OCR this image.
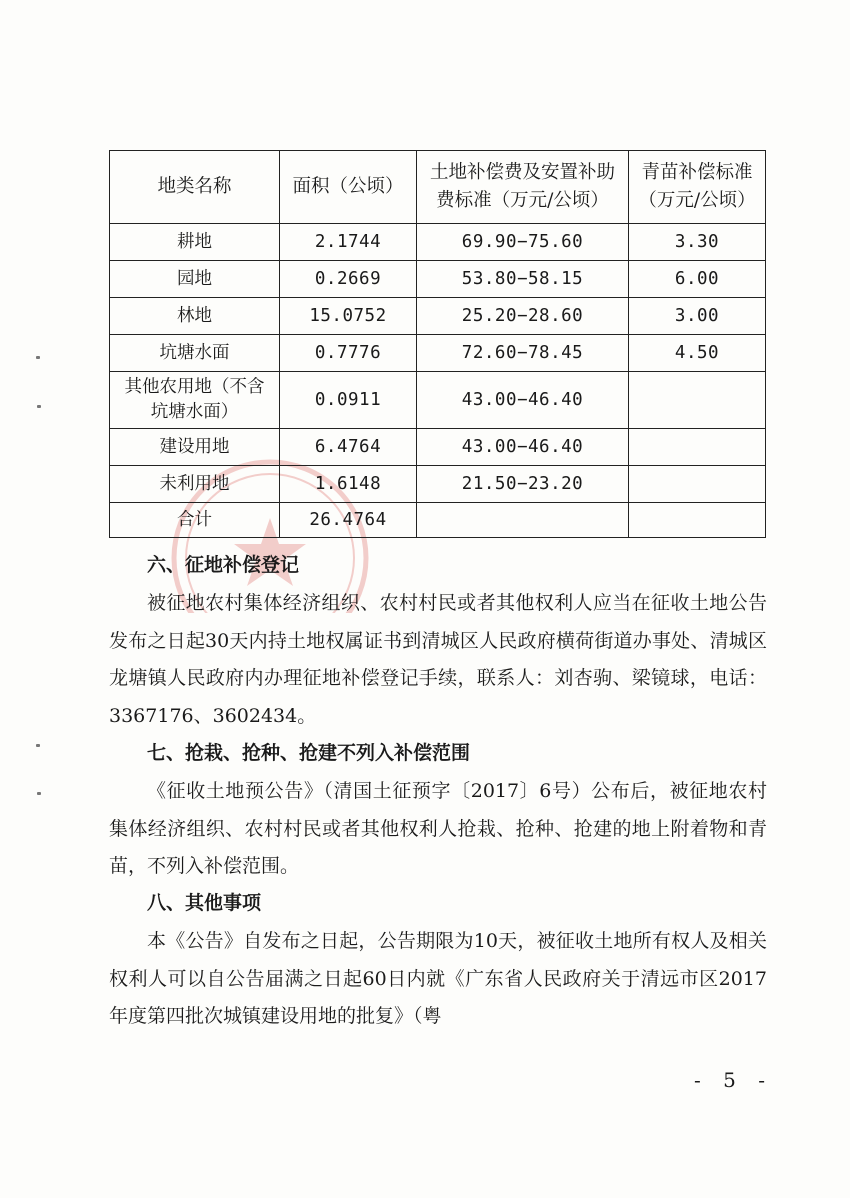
地类名称	面积（公顷）	土地补偿费及安置补助费标准（万元/公顷）	青苗补偿标准（万元/公顷）
耕地	2.1744	69.90−75.60	3.30
园地	0.2669	53.80−58.15	6.00
林地	15.0752	25.20−28.60	3.00
坑塘水面	0.7776	72.60−78.45	4.50
其他农用地（不含坑塘水面）	0.0911	43.00−46.40	
建设用地	6.4764	43.00−46.40	
未利用地	1.6148	21.50−23.20	
合计	26.4764		

六、征地补偿登记

被征地农村集体经济组织、农村村民或者其他权利人应当在征收土地公告发布之日起30天内持土地权属证书到清城区人民政府横荷街道办事处、清城区龙塘镇人民政府内办理征地补偿登记手续，联系人：刘杏驹、梁镜球，电话：3367176、3602434。

七、抢栽、抢种、抢建不列入补偿范围

《征收土地预公告》（清国土征预字〔2017〕6号）公布后，被征地农村集体经济组织、农村村民或者其他权利人抢栽、抢种、抢建的地上附着物和青苗，不列入补偿范围。

八、其他事项

本《公告》自发布之日起，公告期限为10天，被征收土地所有权人及相关权利人可以自公告届满之日起60日内就《广东省人民政府关于清远市区2017年度第四批次城镇建设用地的批复》（粤

- 5 -
